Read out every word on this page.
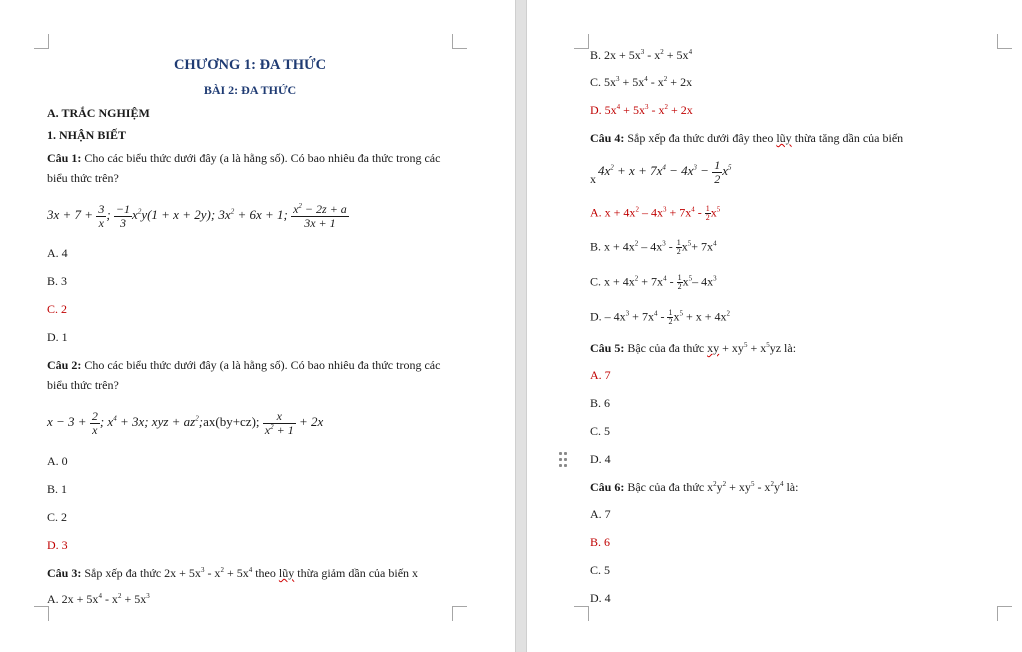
CHƯƠNG 1: ĐA THỨC
BÀI 2: ĐA THỨC
A. TRẮC NGHIỆM
1. NHẬN BIẾT
Câu 1: Cho các biểu thức dưới đây (a là hằng số). Có bao nhiêu đa thức trong các
biểu thức trên?
$3x + 7 + \frac{3}{x}$ ; $\frac{-1}{3} x^2y(1 + x + 2y)$; $3x^2 + 6x + 1$; $\frac{x^2 - 2z + a}{3x + 1}$
A. 4
B. 3
C. 2
D. 1
Câu 2: Cho các biểu thức dưới đây (a là hằng số). Có bao nhiêu đa thức trong các
biểu thức trên?
$x - 3 + \frac{2}{x}$ ; $x^4 + 3x$; xyz + $az^2;ax(by+cz)$; $\frac{x}{x^2 + 1} + 2x$
A. 0
B. 1
C. 2
D. 3
Câu 3: Sắp xếp đa thức $2x + 5x^3 - x^2 + 5x^4$ theo lũy thừa giảm dần của biến x
A. $2x + 5x^4 - x^2 + 5x^3$
B. $2x + 5x^3 - x^2 + 5x^4$
C. $5x^3 + 5x^4 - x^2 + 2x$
D. $5x^4 + 5x^3 - x^2 + 2x$
Câu 4: Sắp xếp đa thức dưới đây theo lũy thừa tăng dần của biến
x
$4x^2 + x + 7x^4 - 4x^3 - \frac{1}{2} x^5$
A. $x + 4x^2 - 4x^3 + 7x^4 - \frac{1}{2} x^5$
B. $x + 4x^2 - 4x^3 - \frac{1}{2} x^5+ 7x^4$
C. $x + 4x^2 + 7x^4 - \frac{1}{2} x^5-$ $4x^3$
D. – $4x^3 + 7x^4 - \frac{1}{2} x^5 + x + 4x^2$
Câu 5: Bậc của đa thức xy + $xy^5 + x^5yz$ là:
A. 7
B. 6
C. 5
D. 4
Câu 6: Bậc của đa thức $x^2y^2 + xy^5 - x^2y^4$ là:
A. 7
B. 6
C. 5
D. 4
